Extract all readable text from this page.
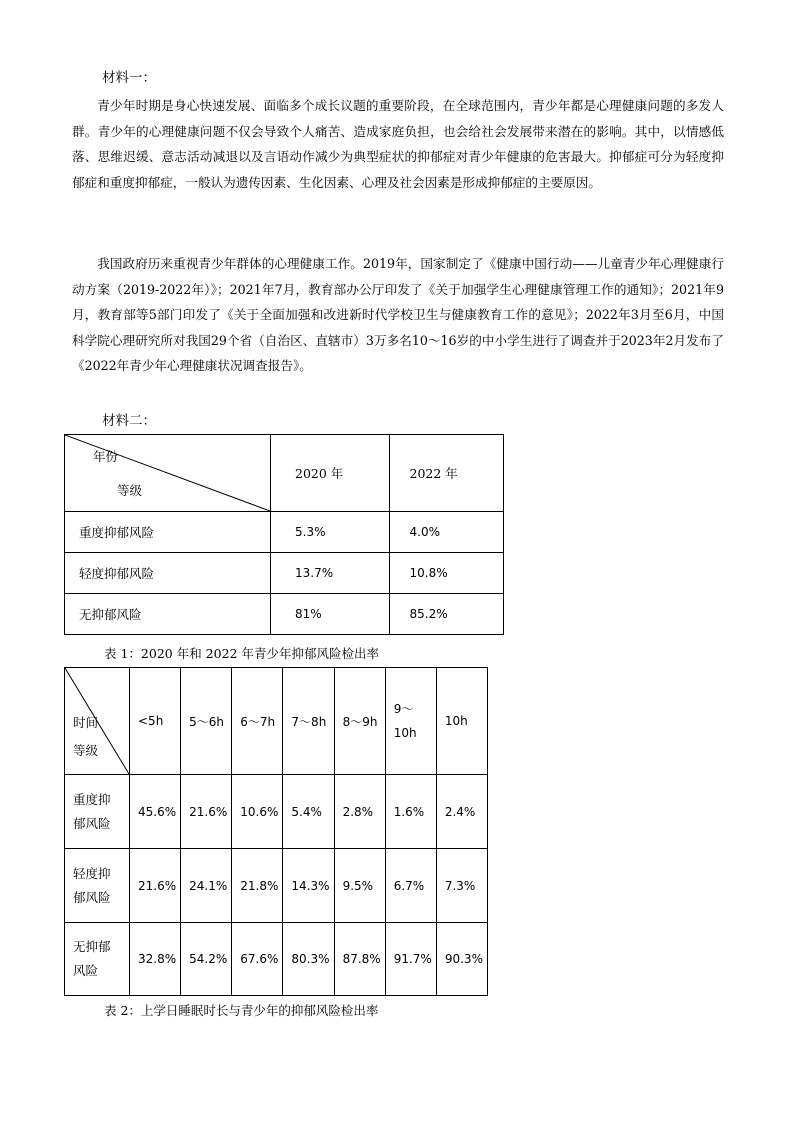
材料一：

青少年时期是身心快速发展、面临多个成长议题的重要阶段，在全球范围内，青少年都是心理健康问题的多发人群。青少年的心理健康问题不仅会导致个人痛苦、造成家庭负担，也会给社会发展带来潜在的影响。其中，以情感低落、思维迟缓、意志活动减退以及言语动作减少为典型症状的抑郁症对青少年健康的危害最大。抑郁症可分为轻度抑郁症和重度抑郁症，一般认为遗传因素、生化因素、心理及社会因素是形成抑郁症的主要原因。

我国政府历来重视青少年群体的心理健康工作。2019年，国家制定了《健康中国行动——儿童青少年心理健康行动方案（2019-2022年）》；2021年7月，教育部办公厅印发了《关于加强学生心理健康管理工作的通知》；2021年9月，教育部等5部门印发了《关于全面加强和改进新时代学校卫生与健康教育工作的意见》；2022年3月至6月，中国科学院心理研究所对我国29个省（自治区、直辖市）3万多名10～16岁的中小学生进行了调查并于2023年2月发布了《2022年青少年心理健康状况调查报告》。

材料二：
年份
等级	2020 年	2022 年
重度抑郁风险	5.3%	4.0%
轻度抑郁风险	13.7%	10.8%
无抑郁风险	81%	85.2%
表 1：2020 年和 2022 年青少年抑郁风险检出率
时间
等级	<5h	5～6h	6～7h	7～8h	8～9h	9～10h	10h

重度抑郁风险	45.6%	21.6%	10.6%	5.4%	2.8%	1.6%	2.4%

轻度抑郁风险	21.6%	24.1%	21.8%	14.3%	9.5%	6.7%	7.3%

无抑郁风险	32.8%	54.2%	67.6%	80.3%	87.8%	91.7%	90.3%
表 2：上学日睡眠时长与青少年的抑郁风险检出率
